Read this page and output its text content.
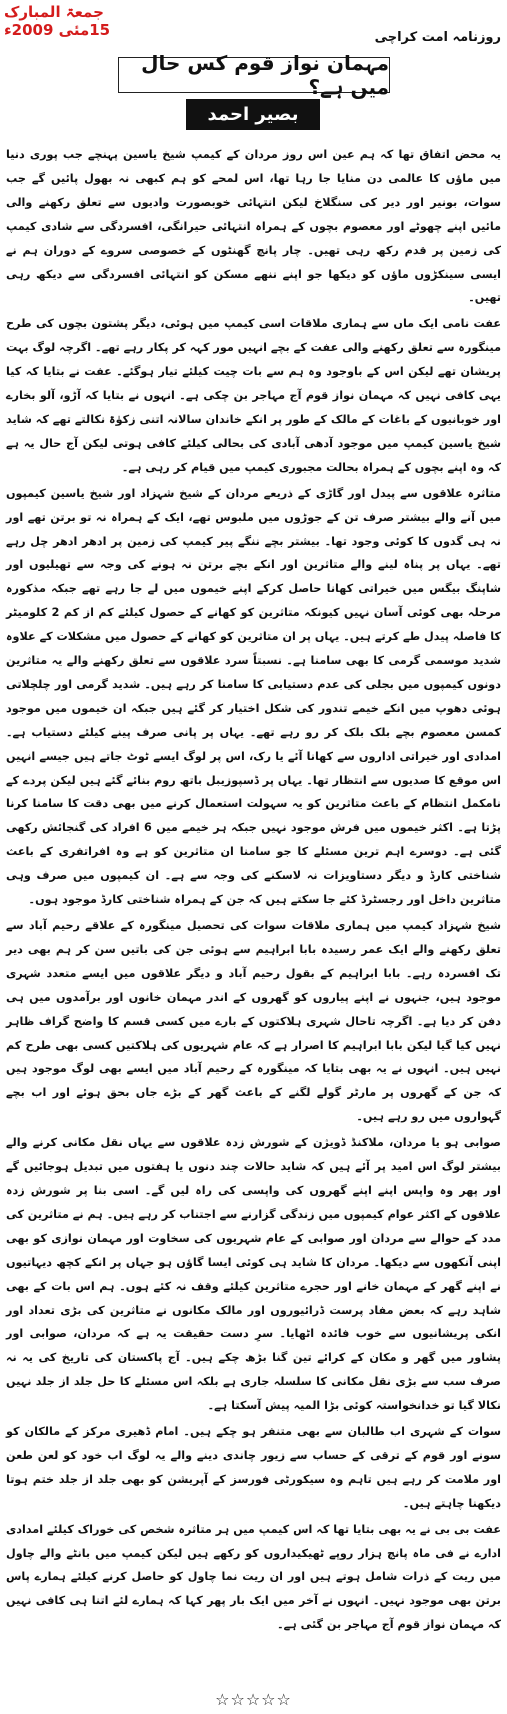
جمعۃ المبارک 15مئی 2009ء	روزنامہ امت کراچی
مہمان نواز قوم کس حال میں ہے؟
بصیر احمد

یہ محض اتفاق تھا کہ ہم عین اس روز مردان کے کیمپ شیخ یاسین پہنچے جب پوری دنیا میں ماؤں کا عالمی دن منایا جا رہا تھا، اس لمحے کو ہم کبھی نہ بھول پائیں گے جب سوات، بونیر اور دیر کی سنگلاخ لیکن انتہائی خوبصورت وادیوں سے تعلق رکھنے والی مائیں اپنے چھوٹے اور معصوم بچوں کے ہمراہ انتہائی حیرانگی، افسردگی سے شادی کیمپ کی زمین پر قدم رکھ رہی تھیں۔ چار پانچ گھنٹوں کے خصوصی سروے کے دوران ہم نے ایسی سینکڑوں ماؤں کو دیکھا جو اپنے ننھے مسکن کو انتہائی افسردگی سے دیکھ رہی تھیں۔

عفت نامی ایک ماں سے ہماری ملاقات اسی کیمپ میں ہوئی، دیگر پشتون بچوں کی طرح مینگورہ سے تعلق رکھنے والی عفت کے بچے انہیں مور کہہ کر پکار رہے تھے۔ اگرچہ لوگ بہت پریشان تھے لیکن اس کے باوجود وہ ہم سے بات چیت کیلئے تیار ہوگئے۔ عفت نے بتایا کہ کیا یہی کافی نہیں کہ مہمان نواز قوم آج مہاجر بن چکی ہے۔ انہوں نے بتایا کہ آڑو، آلو بخارے اور خوبانیوں کے باغات کے مالک کے طور پر انکے خاندان سالانہ اتنی زکوٰۃ نکالتے تھے کہ شاید شیخ یاسین کیمپ میں موجود آدھی آبادی کی بحالی کیلئے کافی ہوتی لیکن آج حال یہ ہے کہ وہ اپنے بچوں کے ہمراہ بحالت مجبوری کیمپ میں قیام کر رہی ہے۔

متاثرہ علاقوں سے پیدل اور گاڑی کے ذریعے مردان کے شیخ شہزاد اور شیخ یاسین کیمپوں میں آنے والے بیشتر صرف تن کے جوڑوں میں ملبوس تھے، ایک کے ہمراہ نہ تو برتن تھے اور نہ ہی گدوں کا کوئی وجود تھا۔ بیشتر بچے ننگے پیر کیمپ کی زمین پر ادھر ادھر چل رہے تھے۔ یہاں پر پناہ لینے والے متاثرین اور انکے بچے برتن نہ ہونے کی وجہ سے تھیلیوں اور شاپنگ بیگس میں خیراتی کھانا حاصل کرکے اپنے خیموں میں لے جا رہے تھے جبکہ مذکورہ مرحلہ بھی کوئی آسان نہیں کیونکہ متاثرین کو کھانے کے حصول کیلئے کم از کم 2 کلومیٹر کا فاصلہ پیدل طے کرتے ہیں۔ یہاں پر ان متاثرین کو کھانے کے حصول میں مشکلات کے علاوہ شدید موسمی گرمی کا بھی سامنا ہے۔ نسبتاً سرد علاقوں سے تعلق رکھنے والے یہ متاثرین دونوں کیمپوں میں بجلی کی عدم دستیابی کا سامنا کر رہے ہیں۔ شدید گرمی اور چلچلاتی ہوئی دھوپ میں انکے خیمے تندور کی شکل اختیار کر گئے ہیں جبکہ ان خیموں میں موجود کمسن معصوم بچے بلک بلک کر رو رہے تھے۔ یہاں پر پانی صرف پینے کیلئے دستیاب ہے۔ امدادی اور خیراتی اداروں سے کھانا آئے یا رک، اس پر لوگ ایسے ٹوٹ جاتے ہیں جیسے انہیں اس موقع کا صدیوں سے انتظار تھا۔ یہاں پر ڈسپوزیبل باتھ روم بنائے گئے ہیں لیکن پردے کے نامکمل انتظام کے باعث متاثرین کو یہ سہولت استعمال کرنے میں بھی دقت کا سامنا کرنا پڑتا ہے۔ اکثر خیموں میں فرش موجود نہیں جبکہ ہر خیمے میں 6 افراد کی گنجائش رکھی گئی ہے۔ دوسرے اہم ترین مسئلے کا جو سامنا ان متاثرین کو ہے وہ افراتفری کے باعث شناختی کارڈ و دیگر دستاویزات نہ لاسکنے کی وجہ سے ہے۔ ان کیمپوں میں صرف وہی متاثرین داخل اور رجسٹرڈ کئے جا سکتے ہیں کہ جن کے ہمراہ شناختی کارڈ موجود ہوں۔

شیخ شہزاد کیمپ میں ہماری ملاقات سوات کی تحصیل مینگورہ کے علاقے رحیم آباد سے تعلق رکھنے والے ایک عمر رسیدہ بابا ابراہیم سے ہوئی جن کی باتیں سن کر ہم بھی دیر تک افسردہ رہے۔ بابا ابراہیم کے بقول رحیم آباد و دیگر علاقوں میں ایسے متعدد شہری موجود ہیں، جنہوں نے اپنے پیاروں کو گھروں کے اندر مہمان خانوں اور برآمدوں میں ہی دفن کر دیا ہے۔ اگرچہ تاحال شہری ہلاکتوں کے بارے میں کسی قسم کا واضح گراف ظاہر نہیں کیا گیا لیکن بابا ابراہیم کا اصرار ہے کہ عام شہریوں کی ہلاکتیں کسی بھی طرح کم نہیں ہیں۔ انہوں نے یہ بھی بتایا کہ مینگورہ کے رحیم آباد میں ایسے بھی لوگ موجود ہیں کہ جن کے گھروں پر مارٹر گولے لگنے کے باعث گھر کے بڑے جاں بحق ہوئے اور اب بچے گہواروں میں رو رہے ہیں۔

صوابی ہو یا مردان، ملاکنڈ ڈویژن کے شورش زدہ علاقوں سے یہاں نقل مکانی کرنے والے بیشتر لوگ اس امید پر آئے ہیں کہ شاید حالات چند دنوں یا ہفتوں میں تبدیل ہوجائیں گے اور پھر وہ واپس اپنے اپنے گھروں کی واپسی کی راہ لیں گے۔ اسی بنا پر شورش زدہ علاقوں کے اکثر عوام کیمپوں میں زندگی گزارنے سے اجتناب کر رہے ہیں۔ ہم نے متاثرین کی مدد کے حوالے سے مردان اور صوابی کے عام شہریوں کی سخاوت اور مہمان نوازی کو بھی اپنی آنکھوں سے دیکھا۔ مردان کا شاید ہی کوئی ایسا گاؤں ہو جہاں پر انکے کچھ دیہاتیوں نے اپنے گھر کے مہمان خانے اور حجرے متاثرین کیلئے وقف نہ کئے ہوں۔ ہم اس بات کے بھی شاہد رہے کہ بعض مفاد پرست ڈرائیوروں اور مالک مکانوں نے متاثرین کی بڑی تعداد اور انکی پریشانیوں سے خوب فائدہ اٹھایا۔ سرِ دست حقیقت یہ ہے کہ مردان، صوابی اور پشاور میں گھر و مکان کے کرائے تین گنا بڑھ چکے ہیں۔ آج پاکستان کی تاریخ کی یہ نہ صرف سب سے بڑی نقل مکانی کا سلسلہ جاری ہے بلکہ اس مسئلے کا حل جلد از جلد نہیں نکالا گیا تو خدانخواستہ کوئی بڑا المیہ پیش آسکتا ہے۔

سوات کے شہری اب طالبان سے بھی متنفر ہو چکے ہیں۔ امام ڈھیری مرکز کے مالکان کو سونے اور قوم کے ترقی کے حساب سے زیور چاندی دینے والے یہ لوگ اب خود کو لعن طعن اور ملامت کر رہے ہیں تاہم وہ سیکورٹی فورسز کے آپریشن کو بھی جلد از جلد ختم ہوتا دیکھنا چاہتے ہیں۔

عفت بی بی نے یہ بھی بتایا تھا کہ اس کیمپ میں ہر متاثرہ شخص کی خوراک کیلئے امدادی ادارے نے فی ماہ پانچ ہزار روپے ٹھیکیداروں کو رکھے ہیں لیکن کیمپ میں بانٹے والے چاول میں ریت کے ذرات شامل ہوتے ہیں اور ان ریت نما چاول کو حاصل کرنے کیلئے ہمارے پاس برتن بھی موجود نہیں۔ انہوں نے آخر میں ایک بار پھر کہا کہ ہمارے لئے اتنا ہی کافی نہیں کہ مہمان نواز قوم آج مہاجر بن گئی ہے۔

☆☆☆☆☆
